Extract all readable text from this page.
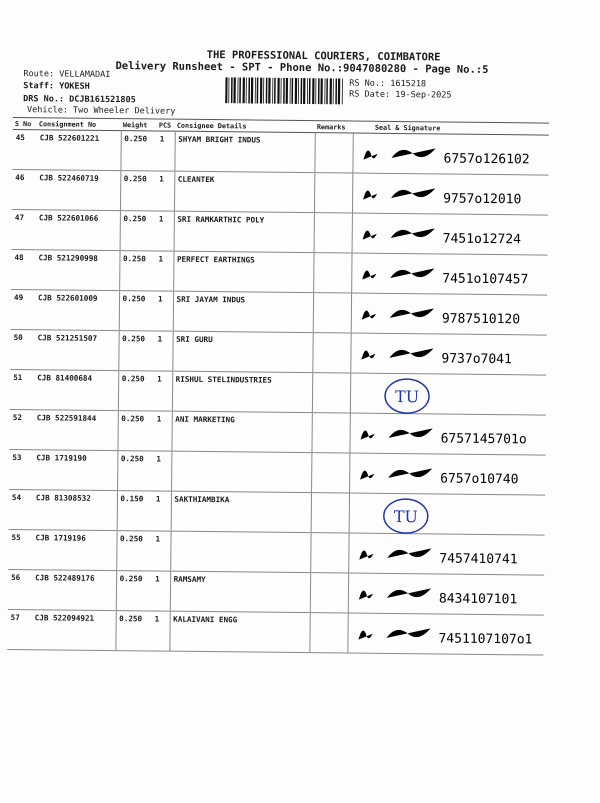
THE PROFESSIONAL COURIERS, COIMBATORE
Delivery Runsheet - SPT - Phone No.:9047080280 - Page No.:5
Route: VELLAMADAI
Staff: YOKESH
DRS No.: DCJB161521805
Vehicle: Two Wheeler Delivery
RS No.: 1615218
RS Date: 19-Sep-2025
S No	Consignment No	Weight	PCS	Consignee Details	Remarks	Seal & Signature
45	CJB 522601221	0.250	1	SHYAM BRIGHT INDUS		6757o126102

46	CJB 522460719	0.250	1	CLEANTEK		9757o12010

47	CJB 522601066	0.250	1	SRI RAMKARTHIC POLY		7451o12724

48	CJB 521290998	0.250	1	PERFECT EARTHINGS		7451o107457

49	CJB 522601009	0.250	1	SRI JAYAM INDUS		9787510120

50	CJB 521251507	0.250	1	SRI GURU		9737o7041

51	CJB 81400684	0.250	1	RISHUL STELINDUSTRIES		TU

52	CJB 522591844	0.250	1	ANI MARKETING		6757145701o

53	CJB 1719190	0.250	1			6757o10740

54	CJB 81308532	0.150	1	SAKTHIAMBIKA		TU

55	CJB 1719196	0.250	1			7457410741

56	CJB 522489176	0.250	1	RAMSAMY		8434107101

57	CJB 522094921	0.250	1	KALAIVANI ENGG		7451107107o1
